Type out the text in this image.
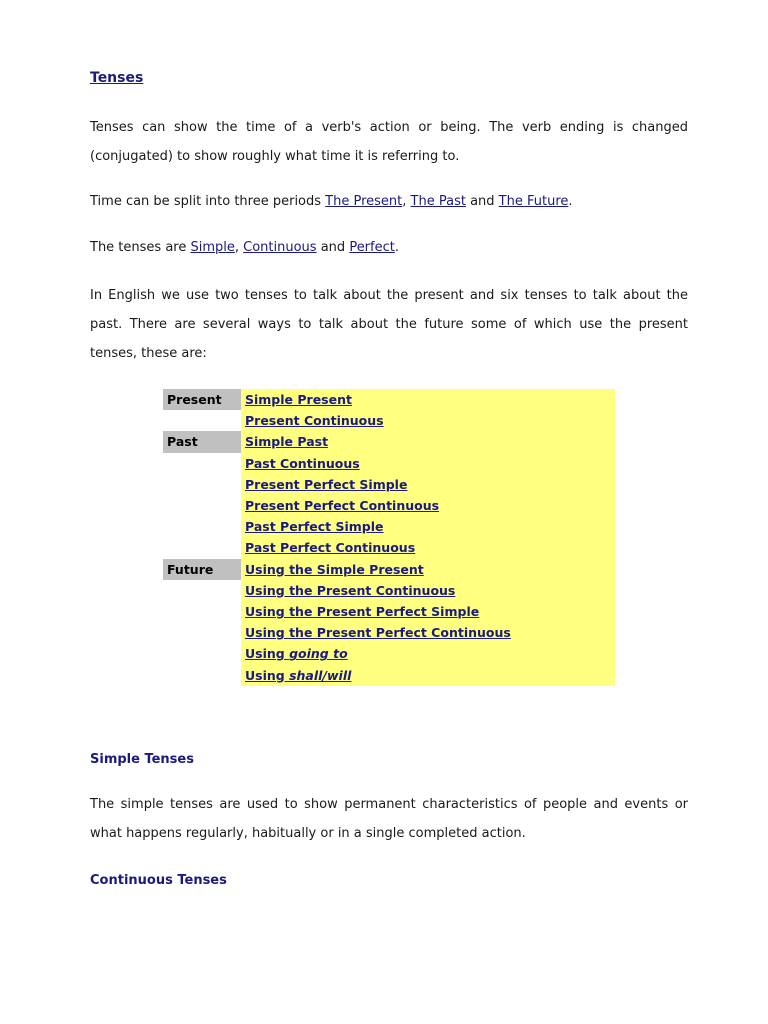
Tenses

Tenses can show the time of a verb's action or being. The verb ending is changed (conjugated) to show roughly what time it is referring to.

Time can be split into three periods The Present, The Past and The Future.

The tenses are Simple, Continuous and Perfect.

In English we use two tenses to talk about the present and six tenses to talk about the past. There are several ways to talk about the future some of which use the present tenses, these are:

Present	Simple Present
	Present Continuous
Past	Simple Past
	Past Continuous
	Present Perfect Simple
	Present Perfect Continuous
	Past Perfect Simple
	Past Perfect Continuous
Future	Using the Simple Present
	Using the Present Continuous
	Using the Present Perfect Simple
	Using the Present Perfect Continuous
	Using going to
	Using shall/will
Simple Tenses

The simple tenses are used to show permanent characteristics of people and events or what happens regularly, habitually or in a single completed action.

Continuous Tenses
